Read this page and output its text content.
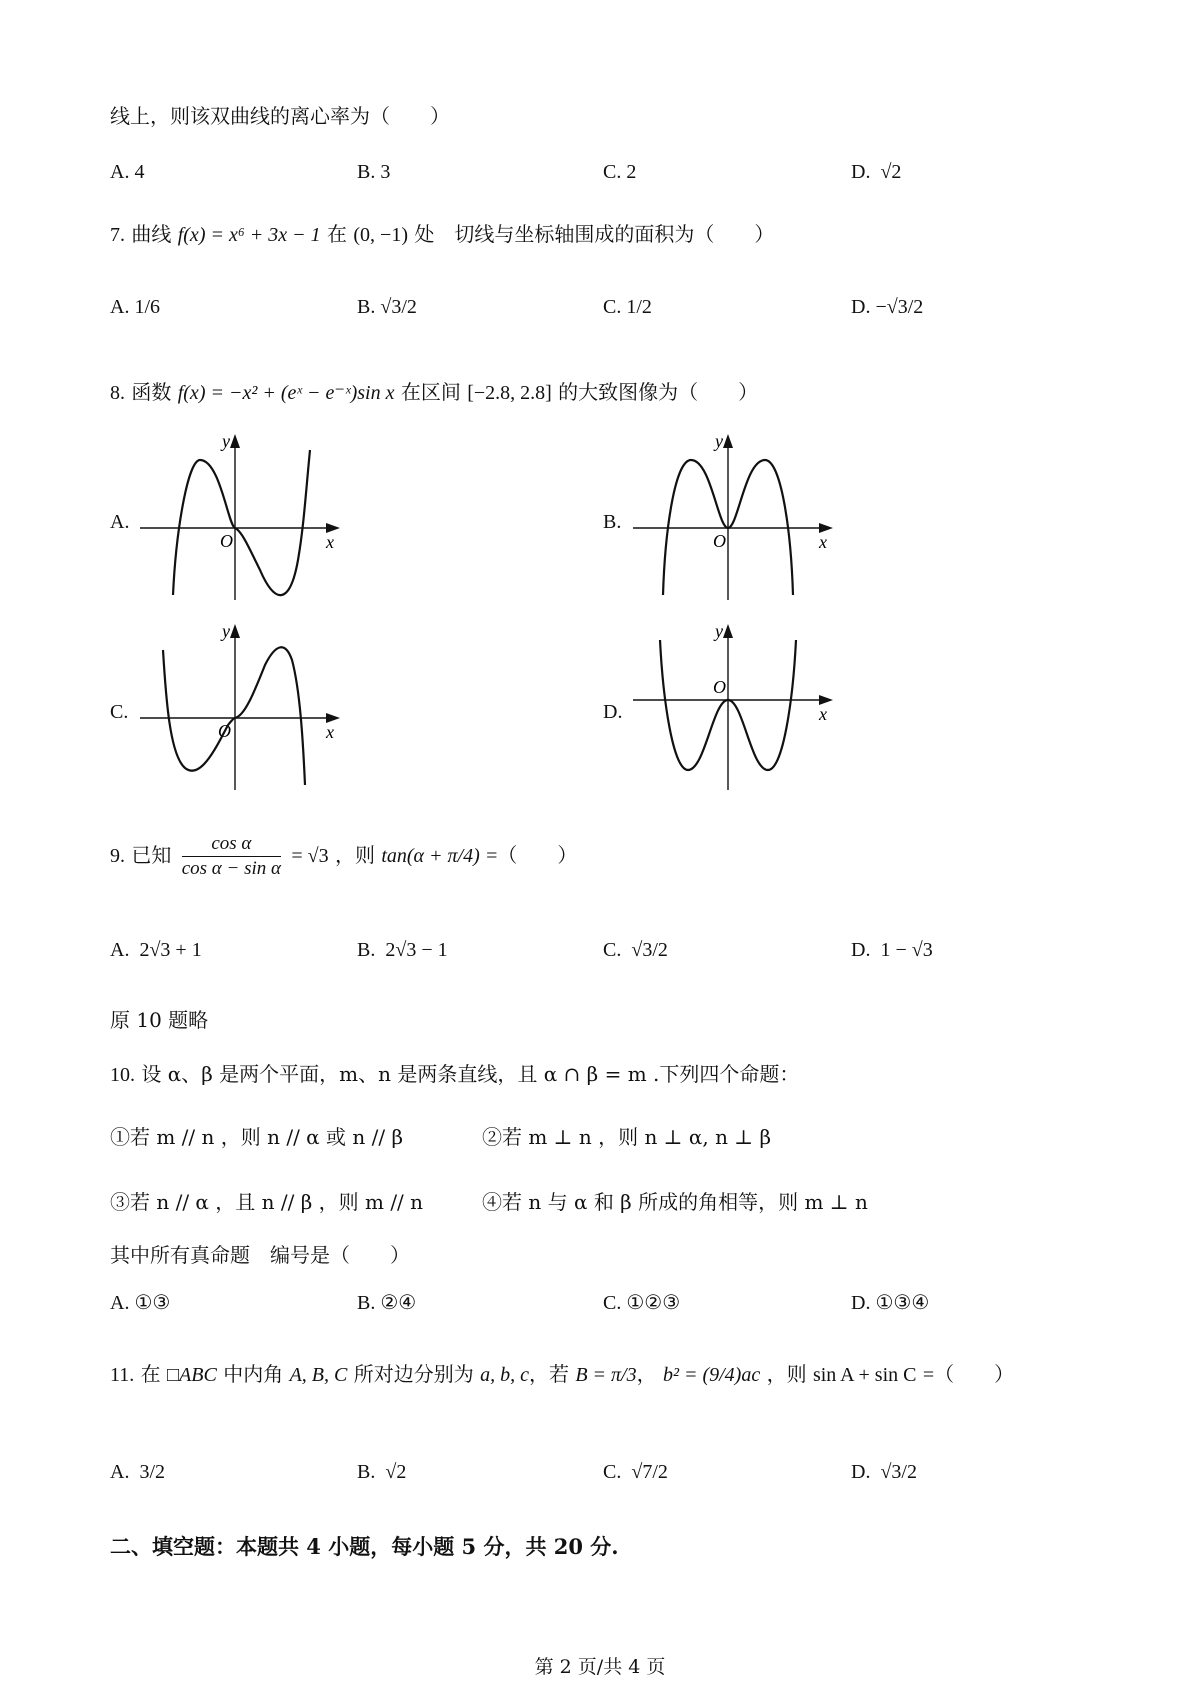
线上，则该双曲线的离心率为（　　）
A. 4	B. 3	C. 2	D. √2
7. 曲线 f(x) = x⁶ + 3x − 1 在 (0, −1) 处　切线与坐标轴围成的面积为（　　）
A. 1/6	B. √3/2	C. 1/2	D. −√3/2
8. 函数 f(x) = −x² + (eˣ − e⁻ˣ)sin x 在区间 [−2.8, 2.8] 的大致图像为（　　）
A.	B.
C.	D.
y
x
O
y
x
O
y
x
O
y
x
O
9. 已知 $\frac{\text{cos α}}{\text{cos α − sin α}} = √3$ ，则 tan(α + π/4) =（　　）
A. 2√3 + 1	B. 2√3 − 1	C. √3/2	D. 1 − √3
原 10 题略
10. 设 α、β 是两个平面，m、n 是两条直线，且 α ∩ β = m .下列四个命题：
①若 m // n ，则 n // α 或 n // β	②若 m ⊥ n ，则 n ⊥ α, n ⊥ β
③若 n // α ，且 n // β ，则 m // n	④若 n 与 α 和 β 所成的角相等，则 m ⊥ n
其中所有真命题　编号是（　　）
A. ①③	B. ②④	C. ①②③	D. ①③④
11. 在 □ABC 中内角 A, B, C 所对边分别为 a, b, c，若 B = π/3， b² = (9/4)ac ，则 sin A + sin C =（　　）
A. 3/2	B. √2	C. √7/2	D. √3/2
二、填空题：本题共 4 小题，每小题 5 分，共 20 分.
第 2 页/共 4 页
